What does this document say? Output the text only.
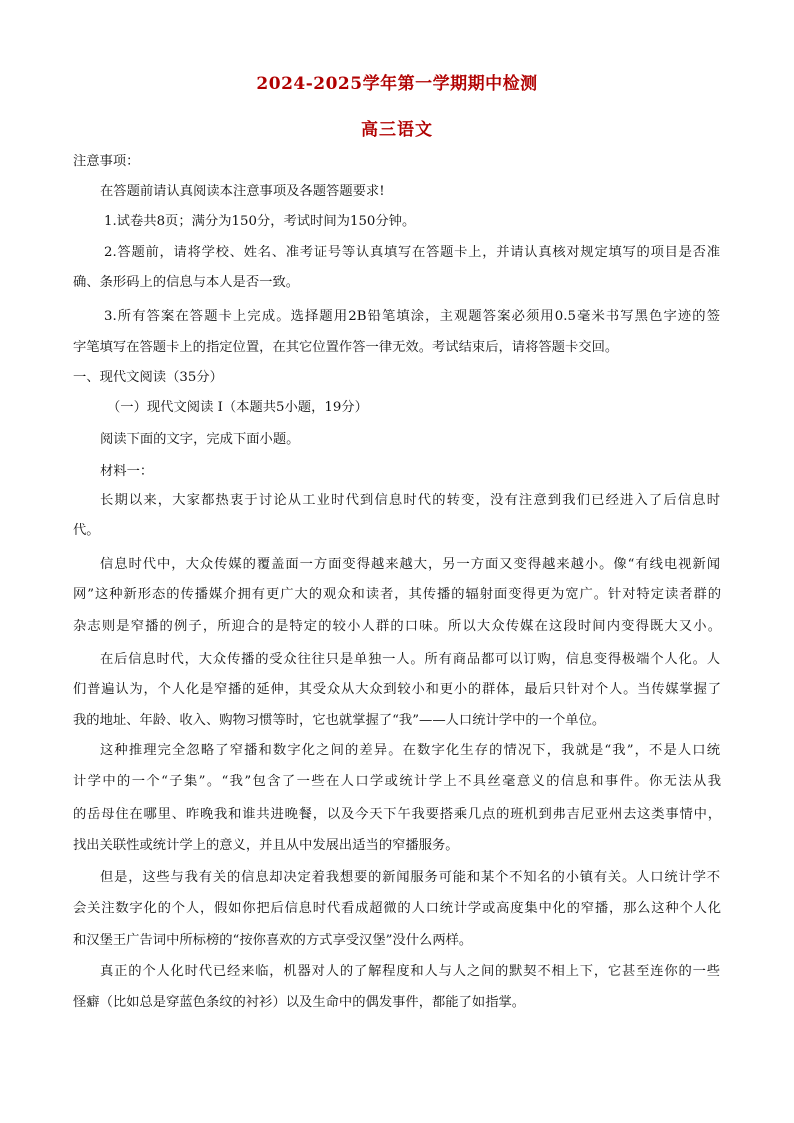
2024-2025学年第一学期期中检测
高三语文
注意事项：
在答题前请认真阅读本注意事项及各题答题要求!
1.试卷共8页；满分为150分，考试时间为150分钟。
2.答题前，请将学校、姓名、准考证号等认真填写在答题卡上，并请认真核对规定填写的项目是否准
确、条形码上的信息与本人是否一致。
3.所有答案在答题卡上完成。选择题用2B铅笔填涂，主观题答案必须用0.5毫米书写黑色字迹的签
字笔填写在答题卡上的指定位置，在其它位置作答一律无效。考试结束后，请将答题卡交回。
一、现代文阅读（35分）
（一）现代文阅读 Ⅰ（本题共5小题，19分）
阅读下面的文字，完成下面小题。
材料一：
长期以来，大家都热衷于讨论从工业时代到信息时代的转变，没有注意到我们已经进入了后信息时
代。
信息时代中，大众传媒的覆盖面一方面变得越来越大，另一方面又变得越来越小。像“有线电视新闻
网”这种新形态的传播媒介拥有更广大的观众和读者，其传播的辐射面变得更为宽广。针对特定读者群的
杂志则是窄播的例子，所迎合的是特定的较小人群的口味。所以大众传媒在这段时间内变得既大又小。
在后信息时代，大众传播的受众往往只是单独一人。所有商品都可以订购，信息变得极端个人化。人
们普遍认为，个人化是窄播的延伸，其受众从大众到较小和更小的群体，最后只针对个人。当传媒掌握了
我的地址、年龄、收入、购物习惯等时，它也就掌握了“我”——人口统计学中的一个单位。
这种推理完全忽略了窄播和数字化之间的差异。在数字化生存的情况下，我就是“我”，不是人口统
计学中的一个“子集”。“我”包含了一些在人口学或统计学上不具丝毫意义的信息和事件。你无法从我
的岳母住在哪里、昨晚我和谁共进晚餐，以及今天下午我要搭乘几点的班机到弗吉尼亚州去这类事情中，
找出关联性或统计学上的意义，并且从中发展出适当的窄播服务。
但是，这些与我有关的信息却决定着我想要的新闻服务可能和某个不知名的小镇有关。人口统计学不
会关注数字化的个人，假如你把后信息时代看成超微的人口统计学或高度集中化的窄播，那么这种个人化
和汉堡王广告词中所标榜的“按你喜欢的方式享受汉堡”没什么两样。
真正的个人化时代已经来临，机器对人的了解程度和人与人之间的默契不相上下，它甚至连你的一些
怪癖（比如总是穿蓝色条纹的衬衫）以及生命中的偶发事件，都能了如指掌。
